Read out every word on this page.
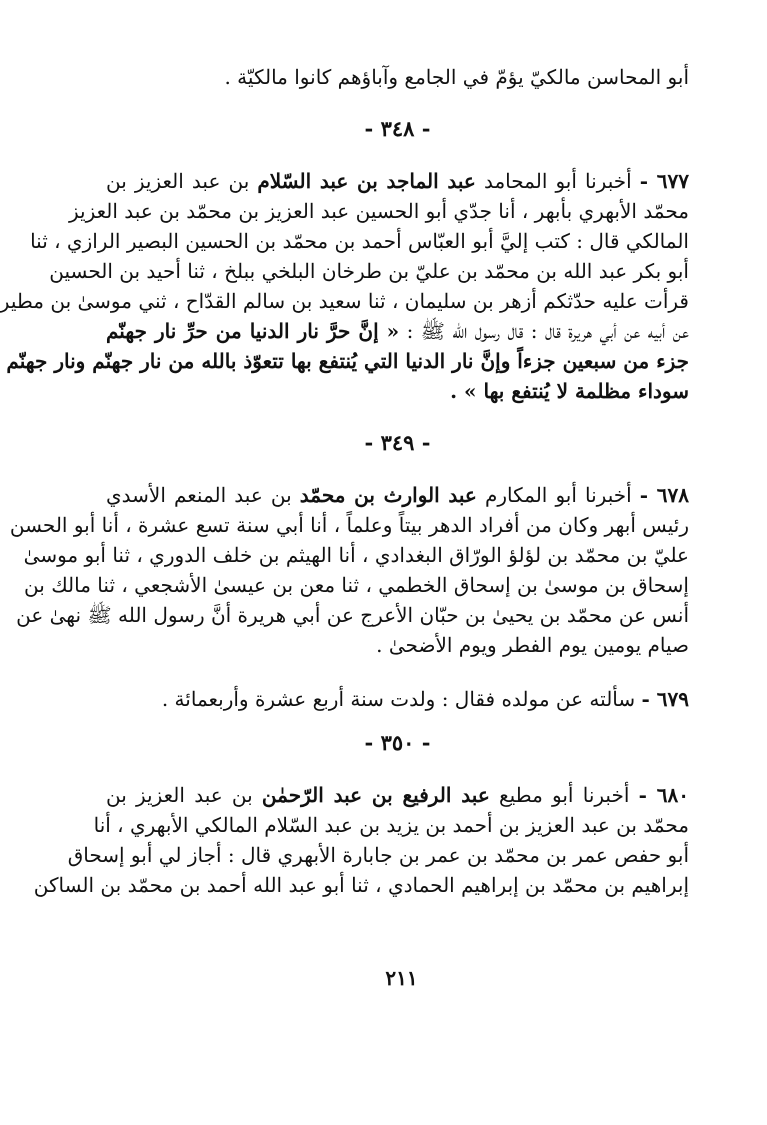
أبو المحاسن مالكيّ يؤمّ في الجامع وآباؤهم كانوا مالكيّة .
- ٣٤٨ -
٦٧٧ - أخبرنا أبو المحامد عبد الماجد بن عبد السّلام بن عبد العزيز بن
محمّد الأبهري بأبهر ، أنا جدّي أبو الحسين عبد العزيز بن محمّد بن عبد العزيز
المالكي قال : كتب إليَّ أبو العبّاس أحمد بن محمّد بن الحسين البصير الرازي ، ثنا
أبو بكر عبد الله بن محمّد بن عليّ بن طرخان البلخي ببلخ ، ثنا أحيد بن الحسين
قرأت عليه حدّثكم أزهر بن سليمان ، ثنا سعيد بن سالم القدّاح ، ثني موسىٰ بن مطير
عن أبيه عن أبي هريرة قال : قال رسول الله ﷺ : « إنَّ حرَّ نار الدنيا من حرِّ نار جهنّم
جزء من سبعين جزءاً وإنَّ نار الدنيا التي يُنتفع بها تتعوّذ بالله من نار جهنّم ونار جهنّم
سوداء مظلمة لا يُنتفع بها » .
- ٣٤٩ -
٦٧٨ - أخبرنا أبو المكارم عبد الوارث بن محمّد بن عبد المنعم الأسدي
رئيس أبهر وكان من أفراد الدهر بيتاً وعلماً ، أنا أبي سنة تسع عشرة ، أنا أبو الحسن
عليّ بن محمّد بن لؤلؤ الورّاق البغدادي ، أنا الهيثم بن خلف الدوري ، ثنا أبو موسىٰ
إسحاق بن موسىٰ بن إسحاق الخطمي ، ثنا معن بن عيسىٰ الأشجعي ، ثنا مالك بن
أنس عن محمّد بن يحيىٰ بن حبّان الأعرج عن أبي هريرة أنَّ رسول الله ﷺ نهىٰ عن
صيام يومين يوم الفطر ويوم الأضحىٰ .
٦٧٩ - سألته عن مولده فقال : ولدت سنة أربع عشرة وأربعمائة .
- ٣٥٠ -
٦٨٠ - أخبرنا أبو مطيع عبد الرفيع بن عبد الرّحمٰن بن عبد العزيز بن
محمّد بن عبد العزيز بن أحمد بن يزيد بن عبد السّلام المالكي الأبهري ، أنا
أبو حفص عمر بن محمّد بن عمر بن جابارة الأبهري قال : أجاز لي أبو إسحاق
إبراهيم بن محمّد بن إبراهيم الحمادي ، ثنا أبو عبد الله أحمد بن محمّد بن الساكن
٢١١
